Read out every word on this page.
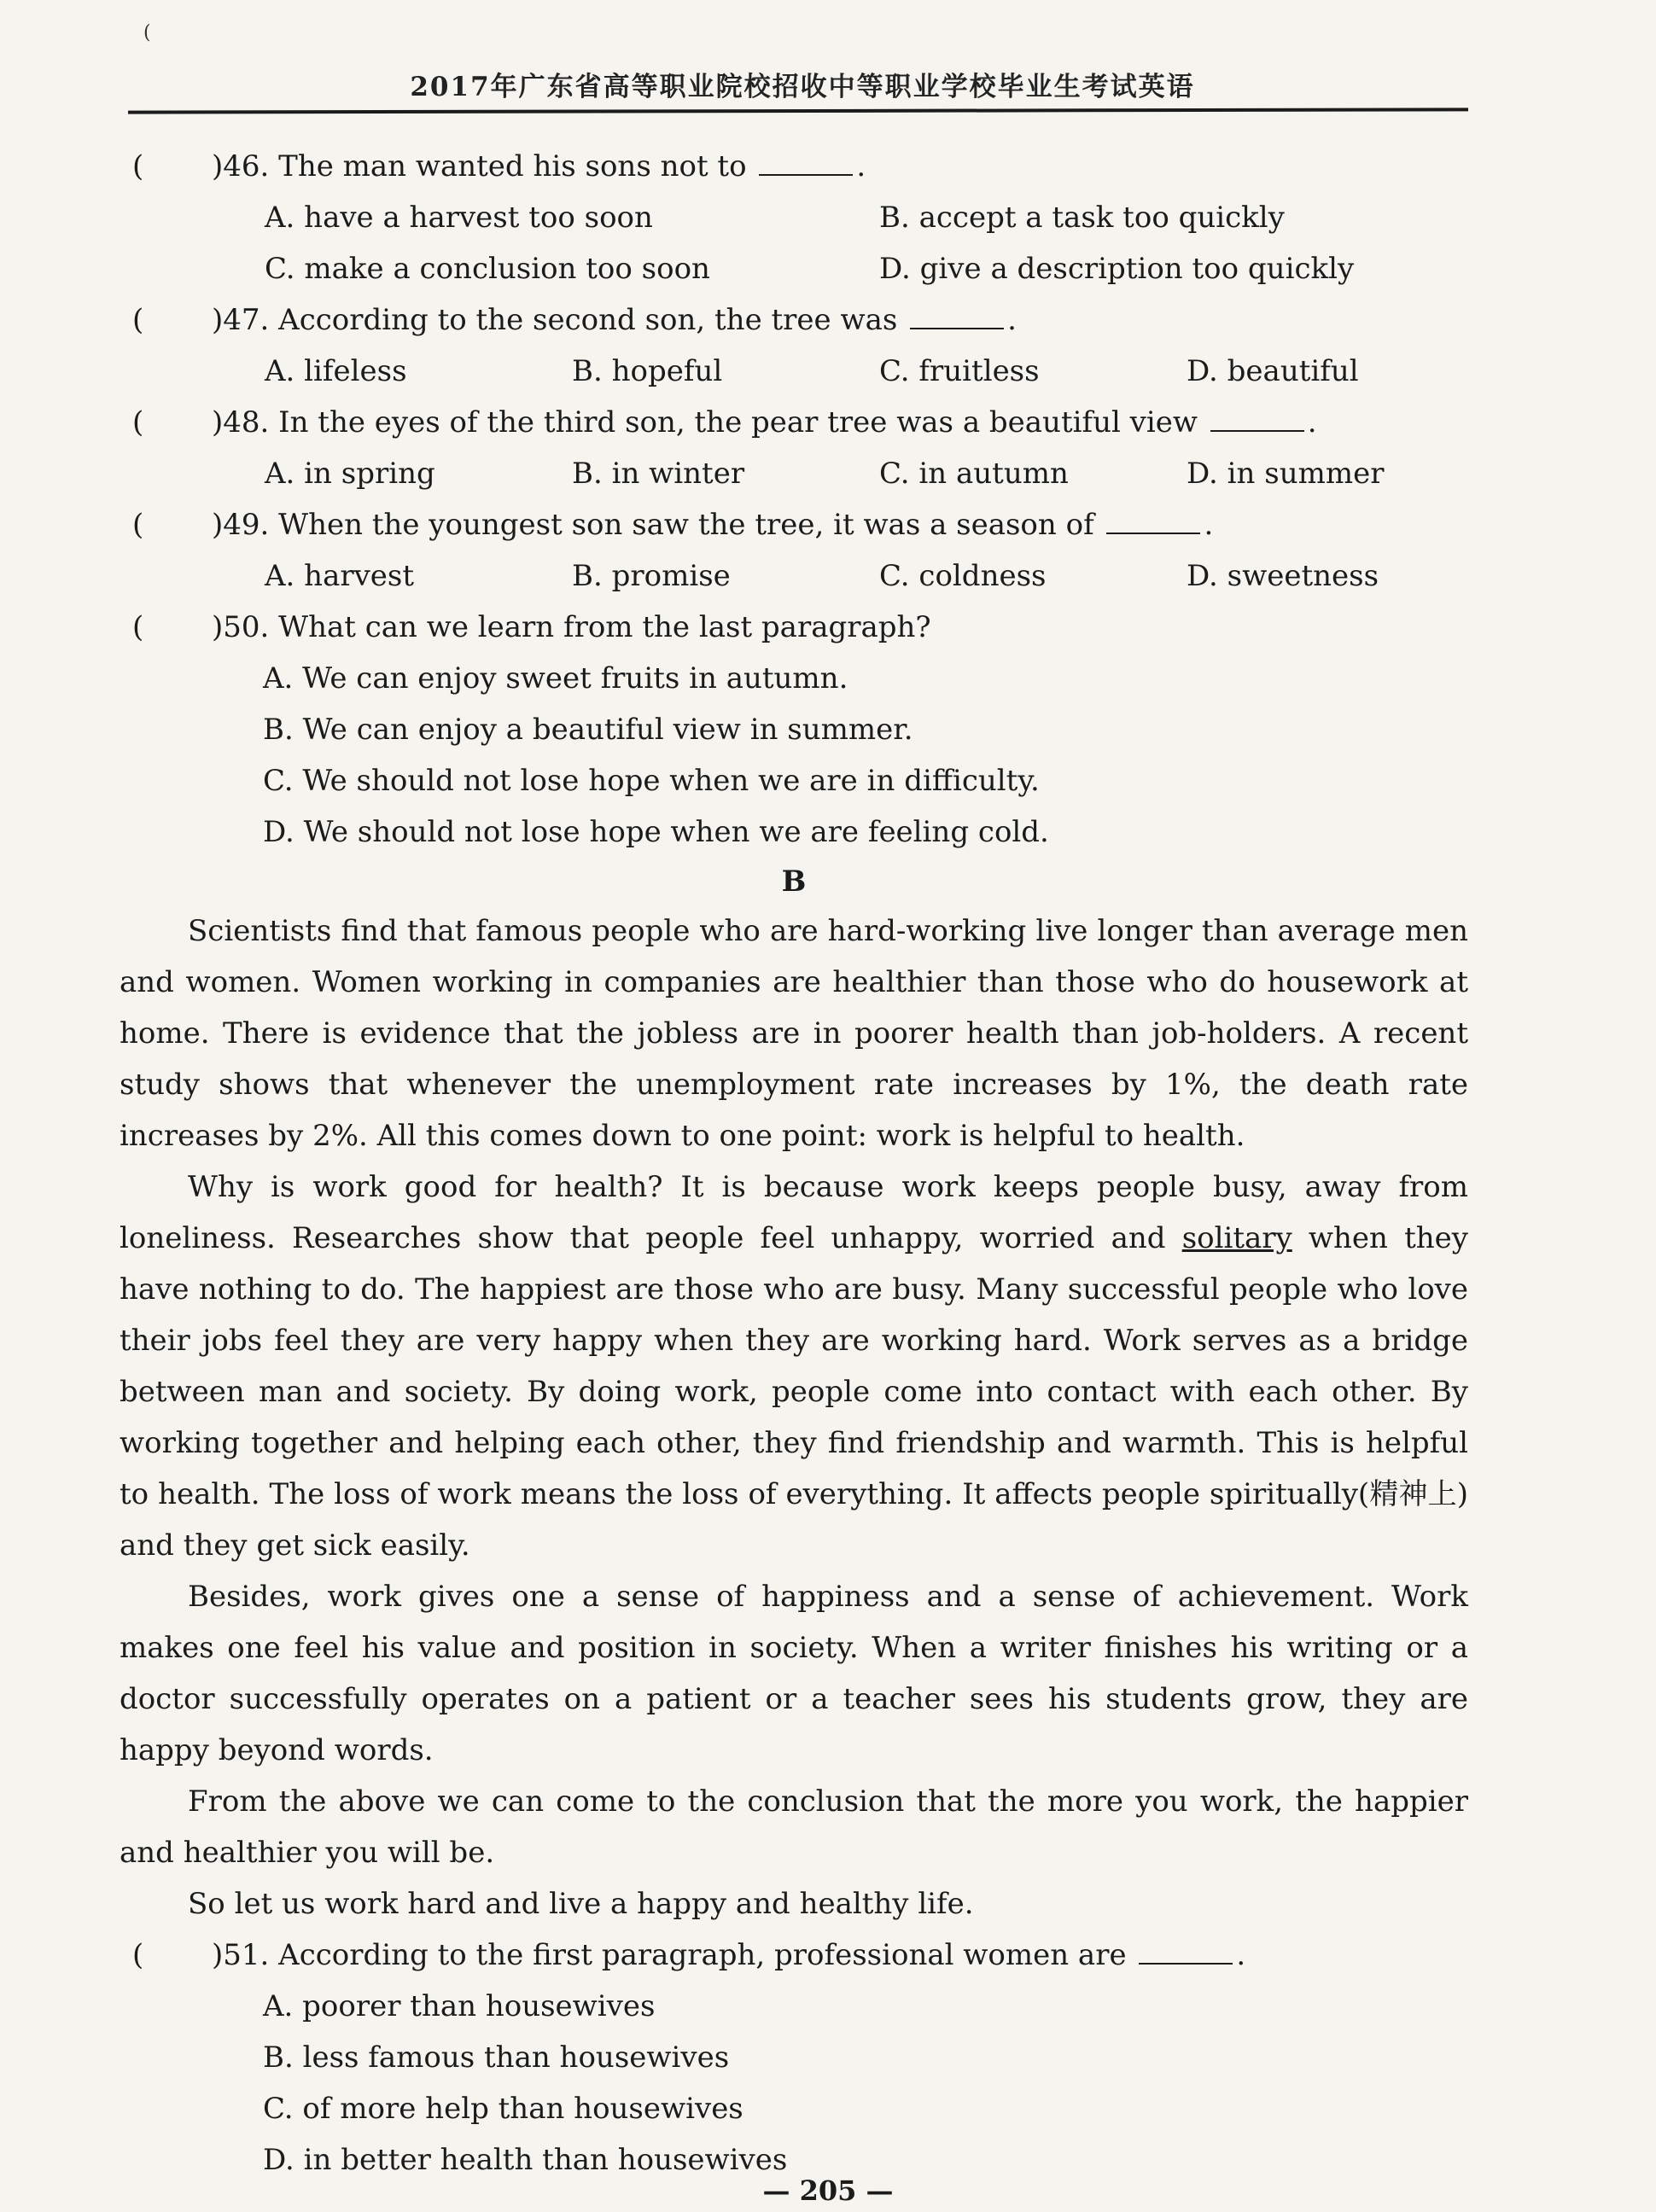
(
2017年广东省高等职业院校招收中等职业学校毕业生考试英语
( )46. The man wanted his sons not to	.
A. have a harvest too soon	B. accept a task too quickly
C. make a conclusion too soon	D. give a description too quickly
( )47. According to the second son, the tree was	.
A. lifeless	B. hopeful	C. fruitless	D. beautiful
( )48. In the eyes of the third son, the pear tree was a beautiful view	.
A. in spring	B. in winter	C. in autumn	D. in summer
( )49. When the youngest son saw the tree, it was a season of	.
A. harvest	B. promise	C. coldness	D. sweetness
( )50. What can we learn from the last paragraph?
A. We can enjoy sweet fruits in autumn.
B. We can enjoy a beautiful view in summer.
C. We should not lose hope when we are in difficulty.
D. We should not lose hope when we are feeling cold.
B

Scientists find that famous people who are hard-working live longer than average men and women. Women working in companies are healthier than those who do housework at home. There is evidence that the jobless are in poorer health than job-holders. A recent study shows that whenever the unemployment rate increases by 1%, the death rate increases by 2%. All this comes down to one point: work is helpful to health.

Why is work good for health? It is because work keeps people busy, away from loneliness. Researches show that people feel unhappy, worried and solitary when they have nothing to do. The happiest are those who are busy. Many successful people who love their jobs feel they are very happy when they are working hard. Work serves as a bridge between man and society. By doing work, people come into contact with each other. By working together and helping each other, they find friendship and warmth. This is helpful to health. The loss of work means the loss of everything. It affects people spiritually(精神上) and they get sick easily.

Besides, work gives one a sense of happiness and a sense of achievement. Work makes one feel his value and position in society. When a writer finishes his writing or a doctor successfully operates on a patient or a teacher sees his students grow, they are happy beyond words.

From the above we can come to the conclusion that the more you work, the happier and healthier you will be.

So let us work hard and live a happy and healthy life.

( )51. According to the first paragraph, professional women are	.
A. poorer than housewives
B. less famous than housewives
C. of more help than housewives
D. in better health than housewives
— 205 —
